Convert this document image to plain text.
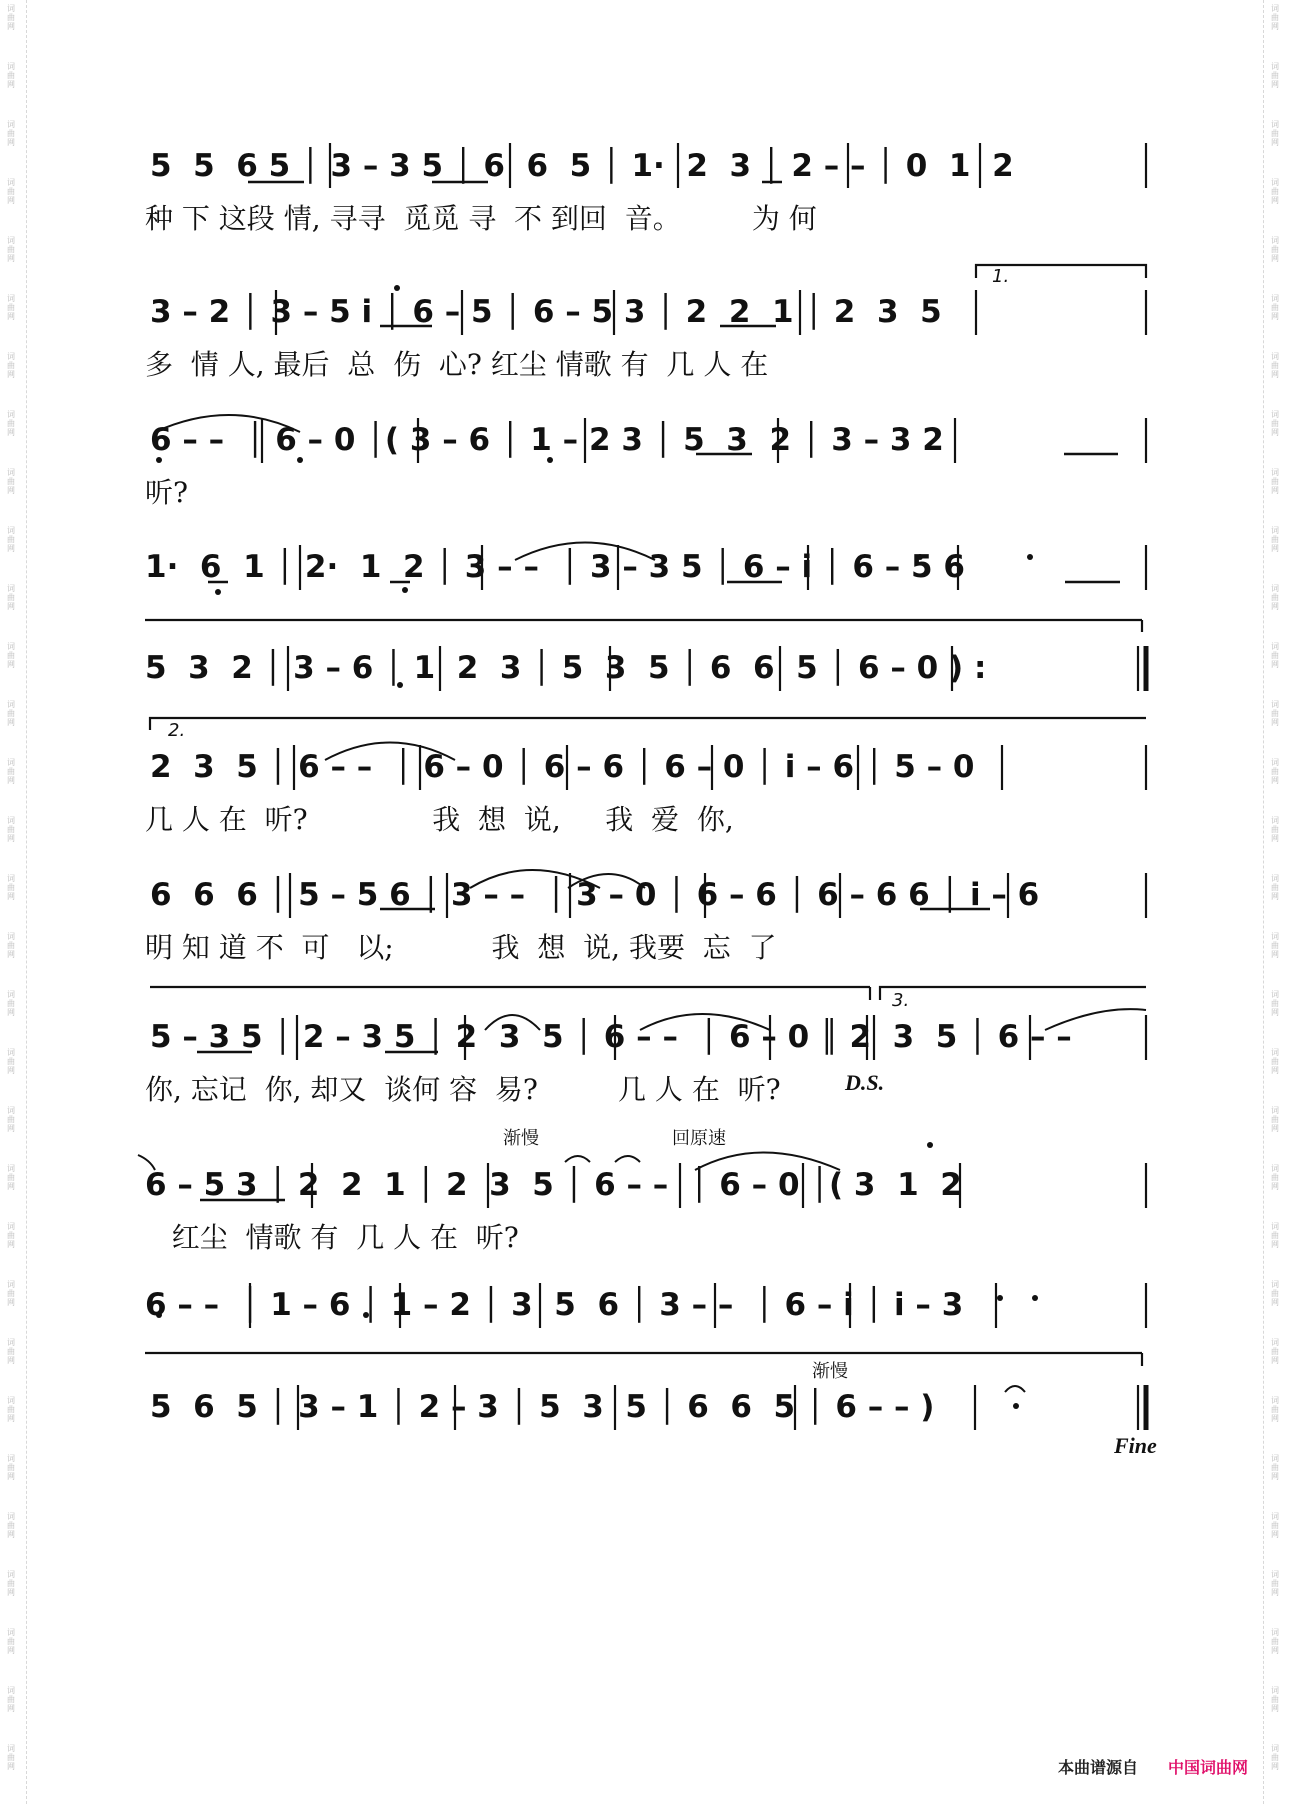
词
曲
网
词
曲
网
词
曲
网
词
曲
网
词
曲
网
词
曲
网
词
曲
网
词
曲
网
词
曲
网
词
曲
网
词
曲
网
词
曲
网
词
曲
网
词
曲
网
词
曲
网
词
曲
网
词
曲
网
词
曲
网
词
曲
网
词
曲
网
词
曲
网
词
曲
网
词
曲
网
词
曲
网
词
曲
网
词
曲
网
词
曲
网
词
曲
网
词
曲
网
词
曲
网
词
曲
网
词
曲
网
词
曲
网
词
曲
网
词
曲
网
词
曲
网
词
曲
网
词
曲
网
词
曲
网
词
曲
网
词
曲
网
词
曲
网
词
曲
网
词
曲
网
词
曲
网
词
曲
网
词
曲
网
词
曲
网
词
曲
网
词
曲
网
词
曲
网
词
曲
网
词
曲
网
词
曲
网
词
曲
网
词
曲
网
词
曲
网
词
曲
网
词
曲
网
词
曲
网
词
曲
网
词
曲
网
5  5  6 5 │ 3 – 3 5 │ 6  6  5 │ 1·  2  3 │ 2 – – │ 0  1  2
种 下 这段 情, 寻寻  觅觅 寻  不 到回  音。        为 何
3 – 2 │ 3 – 5 i │ 6 – 5 │ 6 – 5 3 │ 2  2  1 │ 2  3  5
多  情 人, 最后  总  伤  心? 红尘 情歌 有  几 人 在
1.
6 – –  │ 6 – 0 │( 3 – 6 │ 1 – 2 3 │ 5  3  2 │ 3 – 3 2
听?
1·  6  1 │ 2·  1  2 │ 3 – –  │ 3 – 3 5 │ 6 – i │ 6 – 5 6
5  3  2 │ 3 – 6 │ 1  2  3 │ 5  3  5 │ 6  6  5 │ 6 – 0 ) :
2.
2  3  5 │ 6 – –  │ 6 – 0 │ 6 – 6 │ 6 – 0 │ i – 6 │ 5 – 0
几 人 在  听?              我  想  说,     我  爱  你,
6  6  6 │ 5 – 5 6 │ 3 – –  │ 3 – 0 │ 6 – 6 │ 6 – 6 6 │ i – 6
明 知 道 不  可   以;           我  想  说, 我要  忘  了
3.
5 – 3 5 │ 2 – 3 5 │ 2  3  5 │ 6 – –  │ 6 – 0 ║ 2  3  5 │ 6 – –
你, 忘记  你, 却又  谈何 容  易?         几 人 在  听?	D.S.
渐慢	回原速
6 – 5 3 │ 2  2  1 │ 2  3  5 │ 6 – –  │ 6 – 0 │( 3  1  2
红尘  情歌 有  几 人 在  听?
6 – –  │ 1 – 6 │ 1 – 2 │ 3  5  6 │ 3 – –  │ 6 – i │ i – 3
渐慢
5  6  5 │ 3 – 1 │ 2 – 3 │ 5  3  5 │ 6  6  5 │ 6 – – )
Fine
本曲谱源自 中国词曲网
